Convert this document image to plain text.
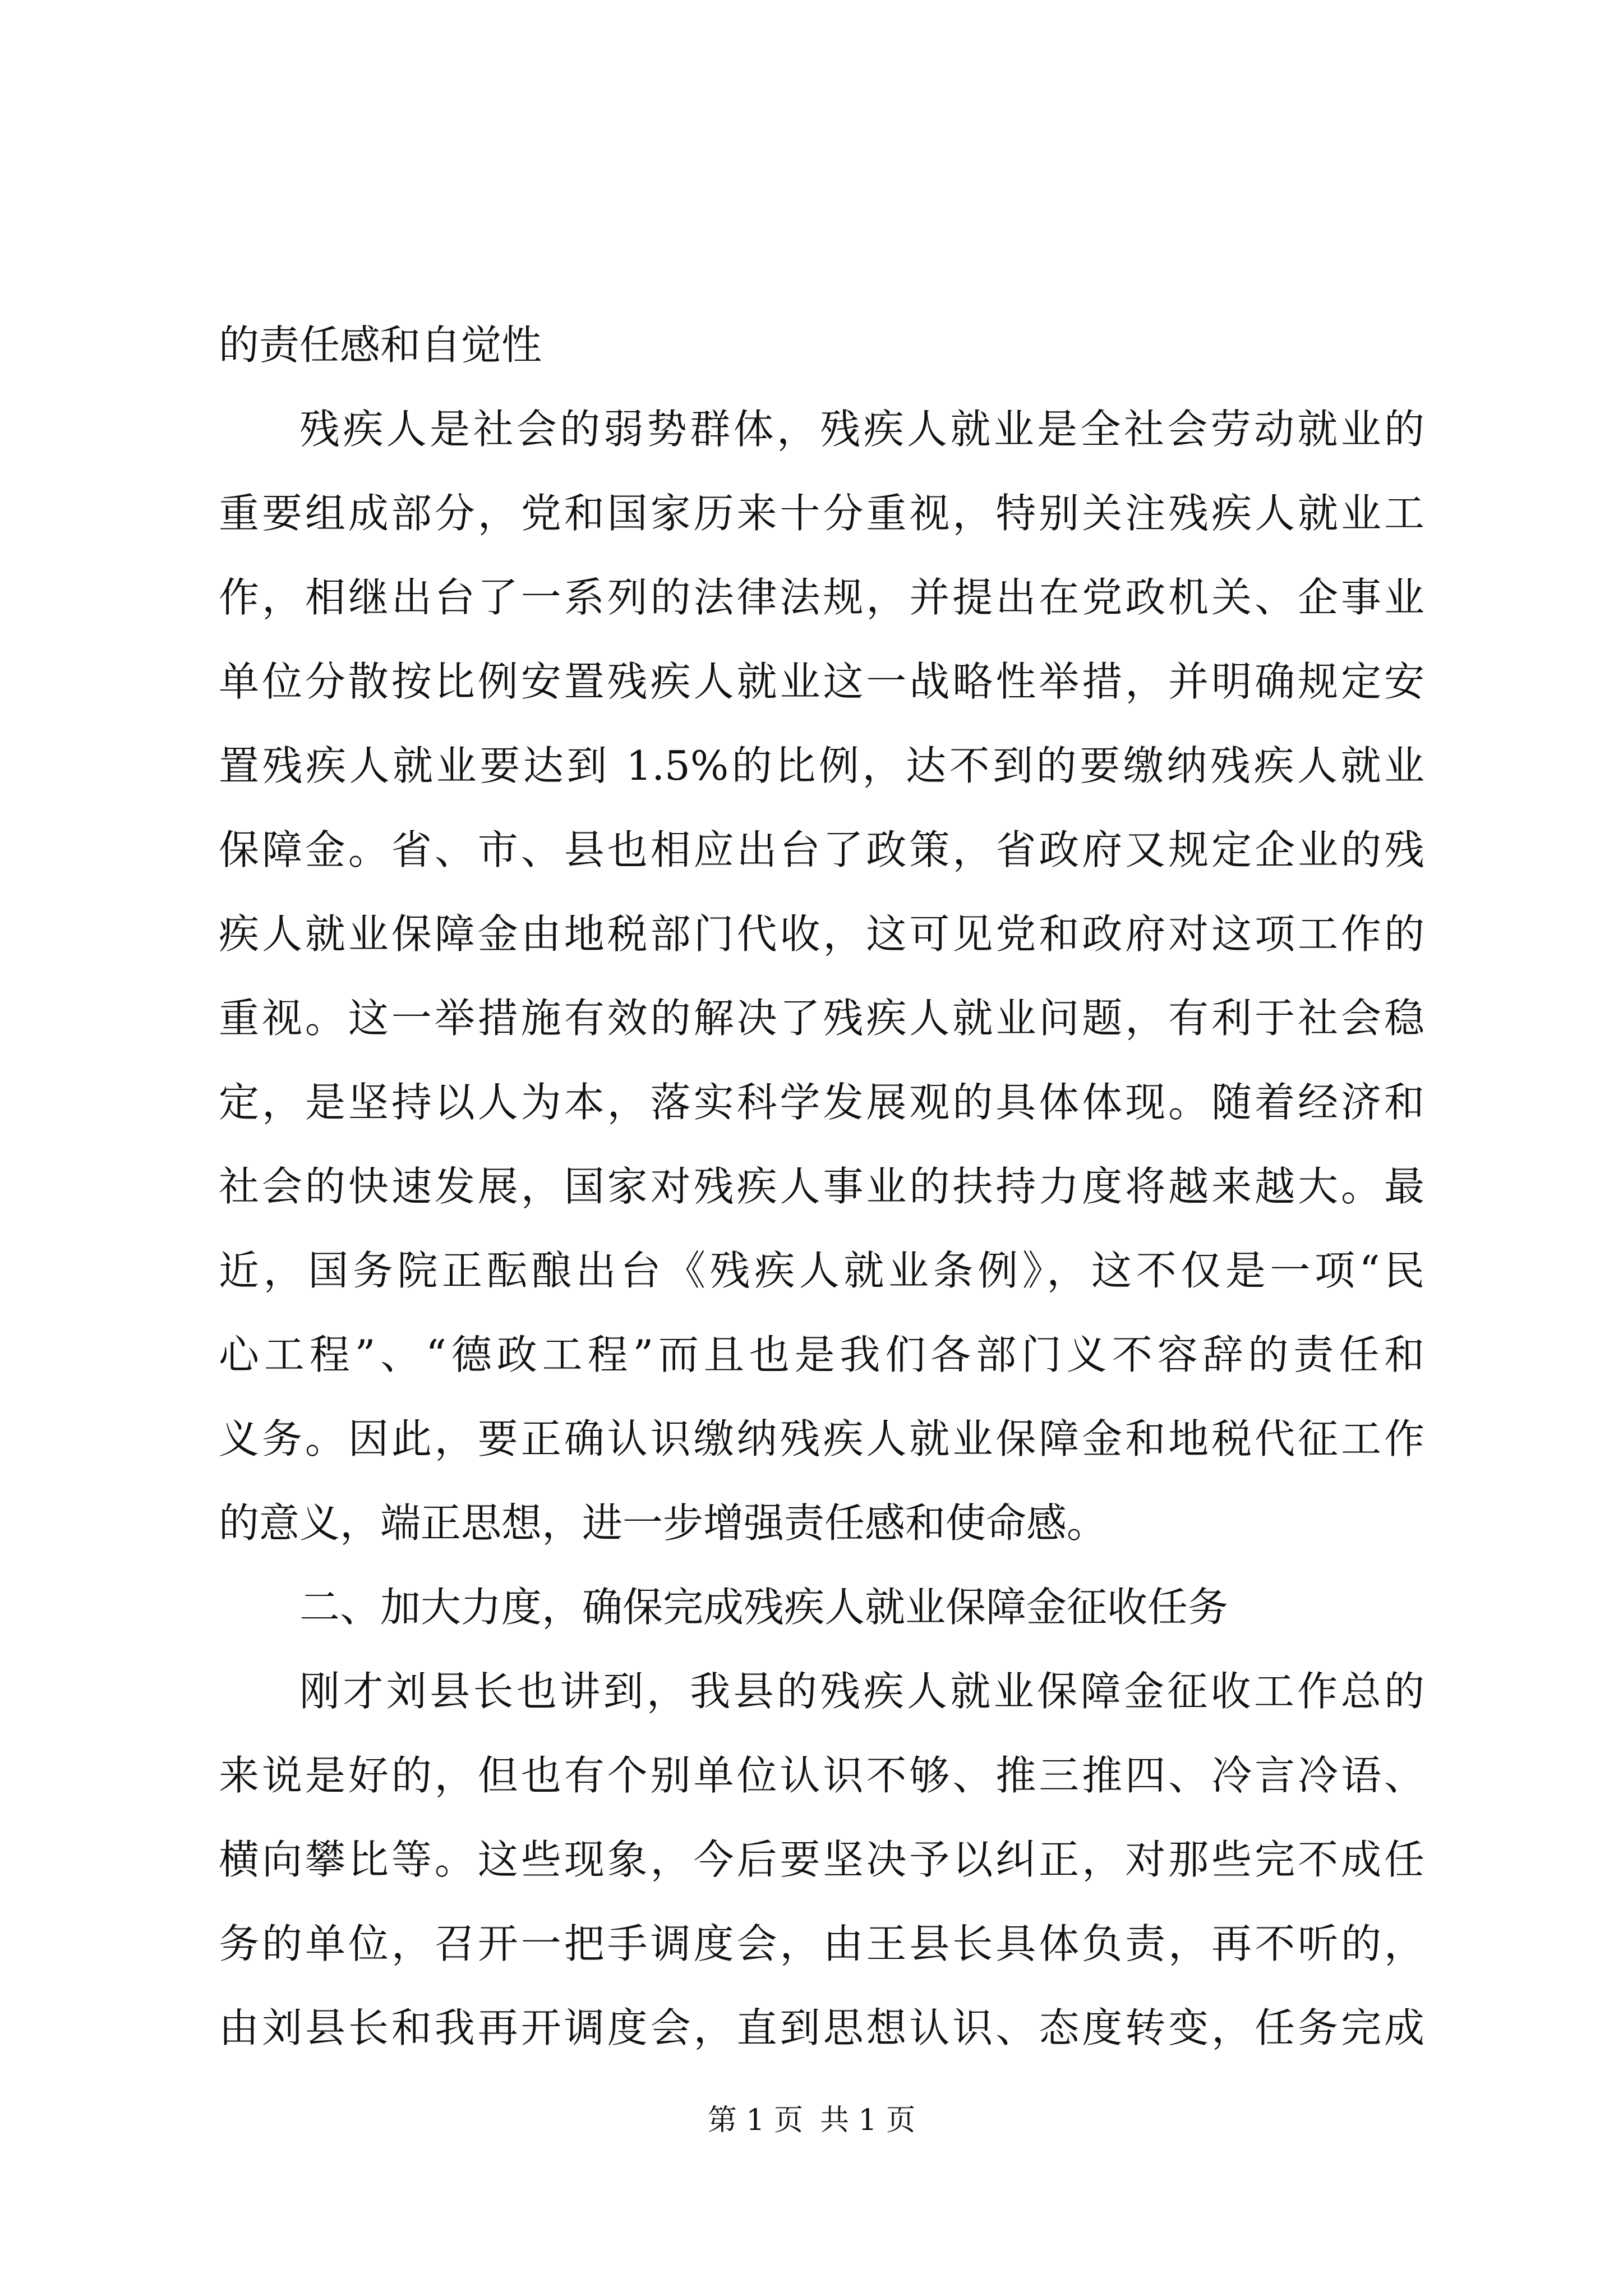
的责任感和自觉性
残疾人是社会的弱势群体，残疾人就业是全社会劳动就业的
重要组成部分，党和国家历来十分重视，特别关注残疾人就业工
作，相继出台了一系列的法律法规，并提出在党政机关、企事业
单位分散按比例安置残疾人就业这一战略性举措，并明确规定安
置残疾人就业要达到 1.5%的比例，达不到的要缴纳残疾人就业
保障金。省、市、县也相应出台了政策，省政府又规定企业的残
疾人就业保障金由地税部门代收，这可见党和政府对这项工作的
重视。这一举措施有效的解决了残疾人就业问题，有利于社会稳
定，是坚持以人为本，落实科学发展观的具体体现。随着经济和
社会的快速发展，国家对残疾人事业的扶持力度将越来越大。最
近，国务院正酝酿出台《残疾人就业条例》，这不仅是一项“民
心工程”、“德政工程”而且也是我们各部门义不容辞的责任和
义务。因此，要正确认识缴纳残疾人就业保障金和地税代征工作
的意义，端正思想，进一步增强责任感和使命感。
二、加大力度，确保完成残疾人就业保障金征收任务
刚才刘县长也讲到，我县的残疾人就业保障金征收工作总的
来说是好的，但也有个别单位认识不够、推三推四、冷言冷语、
横向攀比等。这些现象，今后要坚决予以纠正，对那些完不成任
务的单位，召开一把手调度会，由王县长具体负责，再不听的，
由刘县长和我再开调度会，直到思想认识、态度转变，任务完成
第 1 页 共 1 页
